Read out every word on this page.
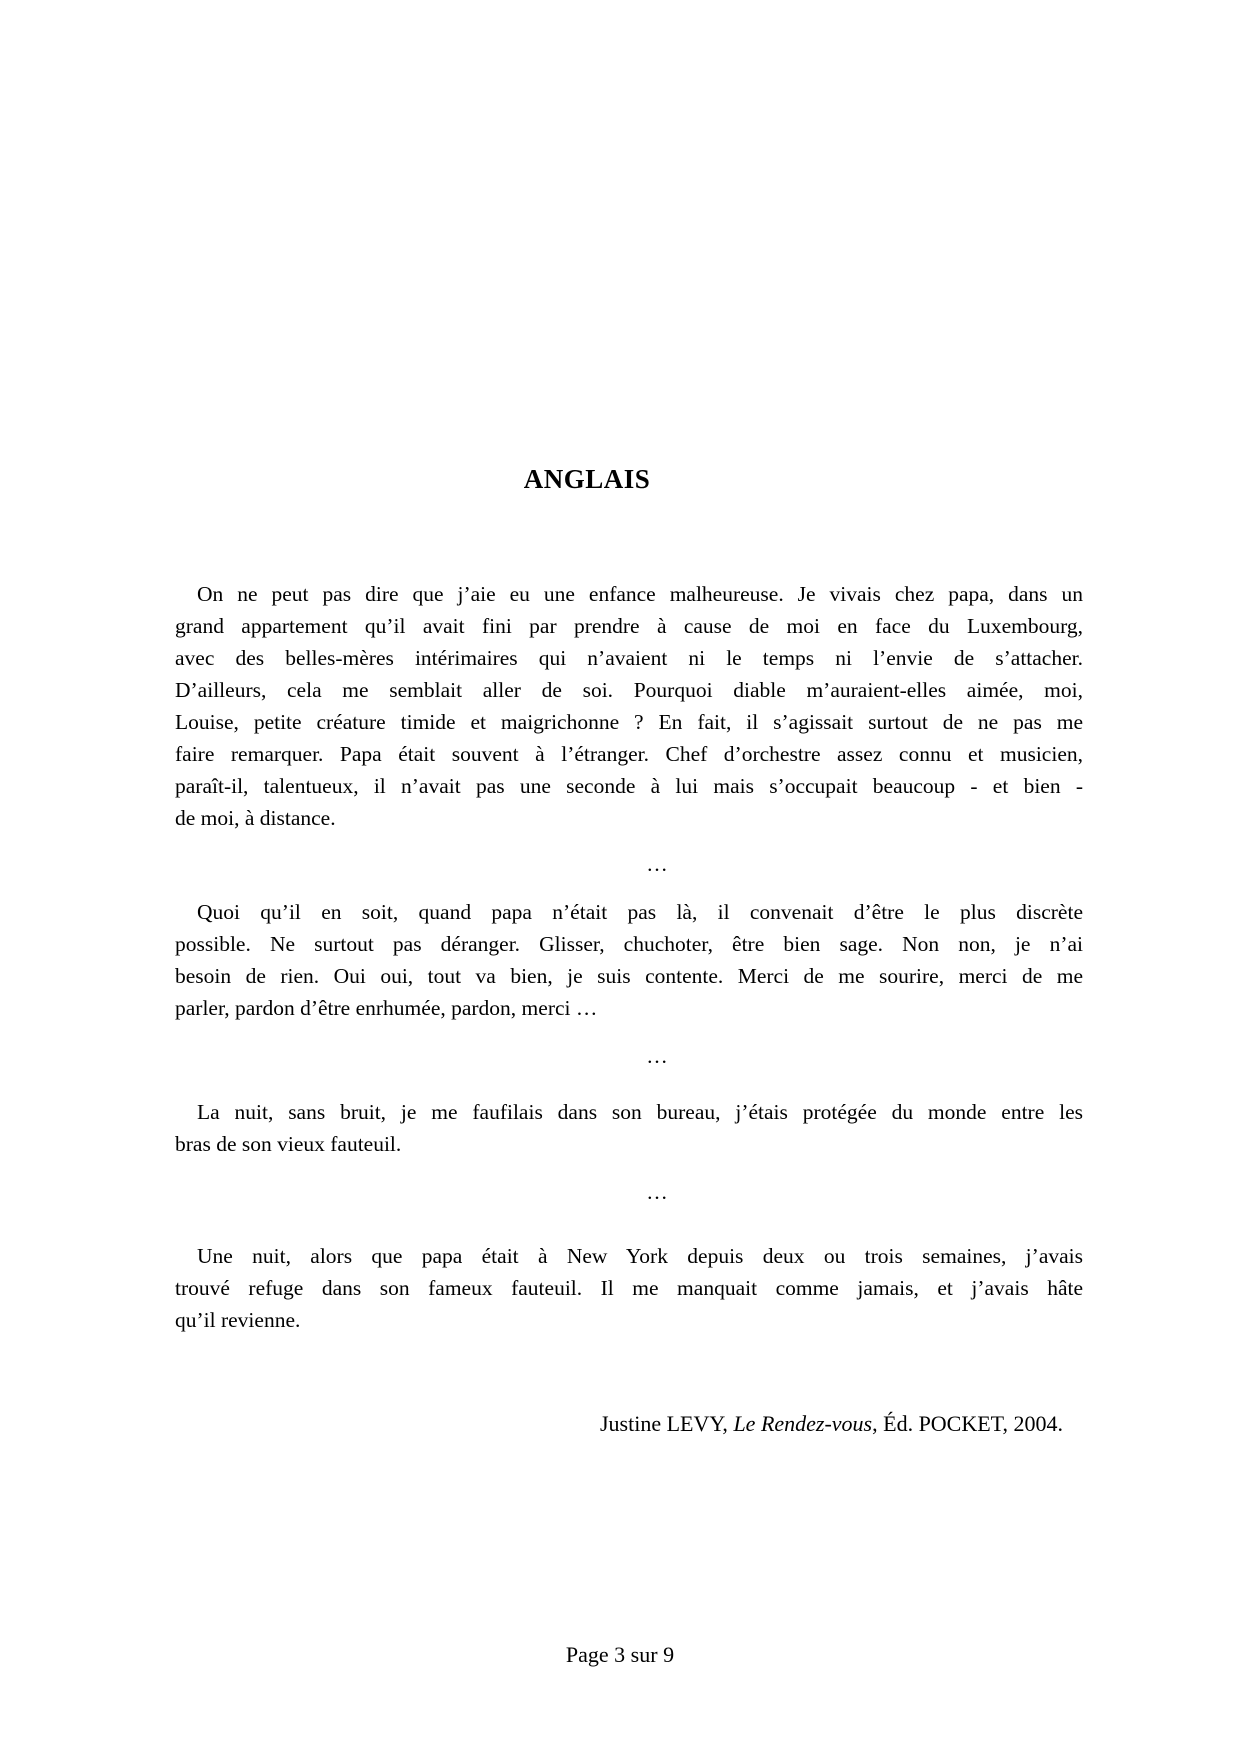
ANGLAIS
On ne peut pas dire que j’aie eu une enfance malheureuse. Je vivais chez papa, dans un
grand appartement qu’il avait fini par prendre à cause de moi en face du Luxembourg,
avec des belles-mères intérimaires qui n’avaient ni le temps ni l’envie de s’attacher.
D’ailleurs, cela me semblait aller de soi. Pourquoi diable m’auraient-elles aimée, moi,
Louise, petite créature timide et maigrichonne ? En fait, il s’agissait surtout de ne pas me
faire remarquer. Papa était souvent à l’étranger. Chef d’orchestre assez connu et musicien,
paraît-il, talentueux, il n’avait pas une seconde à lui mais s’occupait beaucoup - et bien -
de moi, à distance.
…
Quoi qu’il en soit, quand papa n’était pas là, il convenait d’être le plus discrète
possible. Ne surtout pas déranger. Glisser, chuchoter, être bien sage. Non non, je n’ai
besoin de rien. Oui oui, tout va bien, je suis contente. Merci de me sourire, merci de me
parler, pardon d’être enrhumée, pardon, merci …
…
La nuit, sans bruit, je me faufilais dans son bureau, j’étais protégée du monde entre les
bras de son vieux fauteuil.
…
Une nuit, alors que papa était à New York depuis deux ou trois semaines, j’avais
trouvé refuge dans son fameux fauteuil. Il me manquait comme jamais, et j’avais hâte
qu’il revienne.
Justine LEVY, Le Rendez-vous, Éd. POCKET, 2004.
Page 3 sur 9
